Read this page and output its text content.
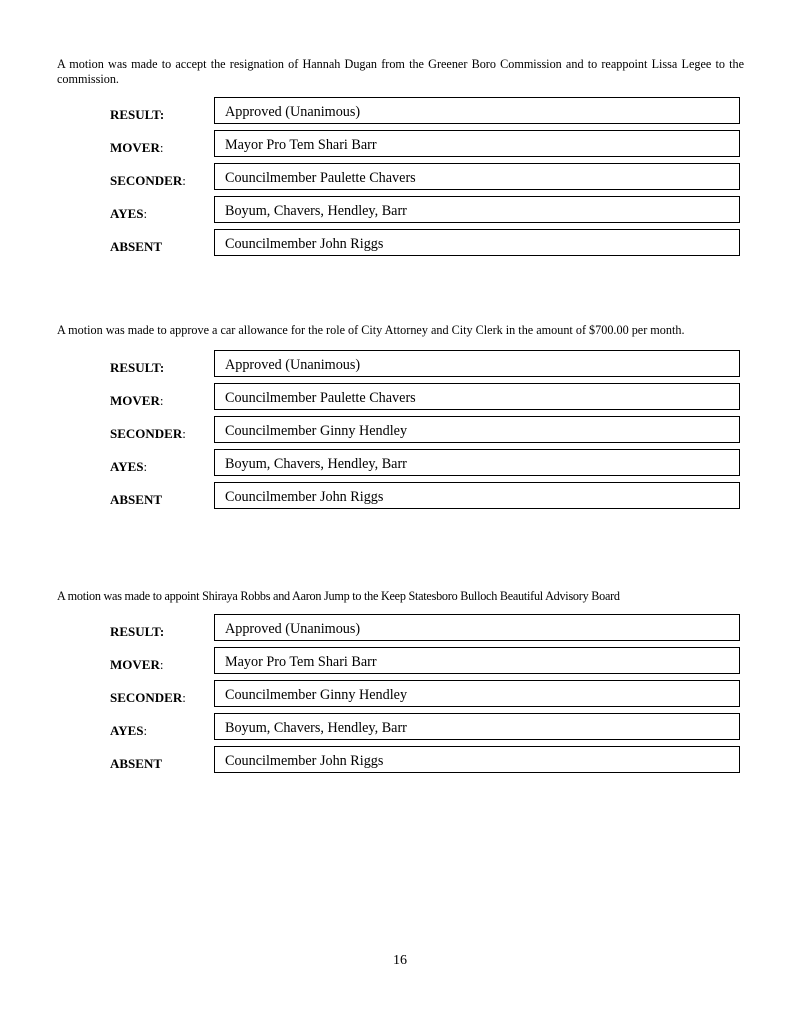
A motion was made to accept the resignation of Hannah Dugan from the Greener Boro Commission and to reappoint Lissa Legee to the commission.

RESULT:	Approved (Unanimous)
MOVER:	Mayor Pro Tem Shari Barr
SECONDER:	Councilmember Paulette Chavers
AYES:	Boyum, Chavers, Hendley, Barr
ABSENT	Councilmember John Riggs

A motion was made to approve a car allowance for the role of City Attorney and City Clerk in the amount of $700.00 per month.

RESULT:	Approved (Unanimous)
MOVER:	Councilmember Paulette Chavers
SECONDER:	Councilmember Ginny Hendley
AYES:	Boyum, Chavers, Hendley, Barr
ABSENT	Councilmember John Riggs

A motion was made to appoint Shiraya Robbs and Aaron Jump to the Keep Statesboro Bulloch Beautiful Advisory Board

RESULT:	Approved (Unanimous)
MOVER:	Mayor Pro Tem Shari Barr
SECONDER:	Councilmember Ginny Hendley
AYES:	Boyum, Chavers, Hendley, Barr
ABSENT	Councilmember John Riggs
16
